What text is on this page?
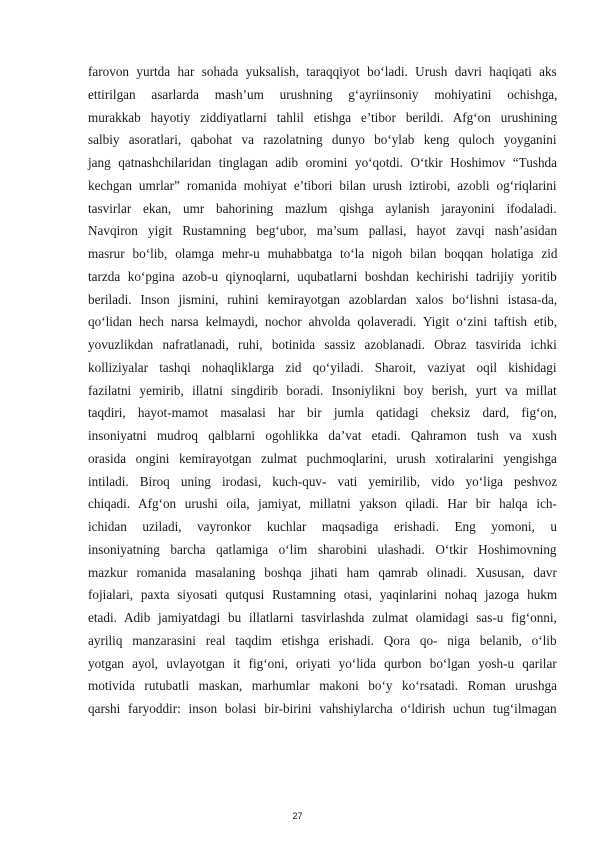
farovon yurtda har sohada yuksalish, taraqqiyot bo‘ladi. Urush davri haqiqati aks
ettirilgan asarlarda mash’um urushning g‘ayriinsoniy mohiyatini ochishga,
murakkab hayotiy ziddiyatlarni tahlil etishga e’tibor berildi. Afg‘on urushining
salbiy asoratlari, qabohat va razolatning dunyo bo‘ylab keng quloch yoyganini
jang qatnashchilaridan tinglagan adib oromini yo‘qotdi. O‘tkir Hoshimov “Tushda
kechgan umrlar” romanida mohiyat e’tibori bilan urush iztirobi, azobli og‘riqlarini
tasvirlar ekan, umr bahorining mazlum qishga aylanish jarayonini ifodaladi.
Navqiron yigit Rustamning beg‘ubor, ma’sum pallasi, hayot zavqi nash’asidan
masrur bo‘lib, olamga mehr-u muhabbatga to‘la nigoh bilan boqqan holatiga zid
tarzda ko‘pgina azob-u qiynoqlarni, uqubatlarni boshdan kechirishi tadrijiy yoritib
beriladi. Inson jismini, ruhini kemirayotgan azoblardan xalos bo‘lishni istasa-da,
qo‘lidan hech narsa kelmaydi, nochor ahvolda qolaveradi. Yigit o‘zini taftish etib,
yovuzlikdan nafratlanadi, ruhi, botinida sassiz azoblanadi. Obraz tasvirida ichki
kolliziyalar tashqi nohaqliklarga zid qo‘yiladi. Sharoit, vaziyat oqil kishidagi
fazilatni yemirib, illatni singdirib boradi. Insoniylikni boy berish, yurt va millat
taqdiri, hayot-mamot masalasi har bir jumla qatidagi cheksiz dard, fig‘on,
insoniyatni mudroq qalblarni ogohlikka da’vat etadi. Qahramon tush va xush
orasida ongini kemirayotgan zulmat puchmoqlarini, urush xotiralarini yengishga
intiladi. Biroq uning irodasi, kuch-quv- vati yemirilib, vido yo‘liga peshvoz
chiqadi. Afg‘on urushi oila, jamiyat, millatni yakson qiladi. Har bir halqa ich-
ichidan uziladi, vayronkor kuchlar maqsadiga erishadi. Eng yomoni, u
insoniyatning barcha qatlamiga o‘lim sharobini ulashadi. O‘tkir Hoshimovning
mazkur romanida masalaning boshqa jihati ham qamrab olinadi. Xususan, davr
fojialari, paxta siyosati qutqusi Rustamning otasi, yaqinlarini nohaq jazoga hukm
etadi. Adib jamiyatdagi bu illatlarni tasvirlashda zulmat olamidagi sas-u fig‘onni,
ayriliq manzarasini real taqdim etishga erishadi. Qora qo- niga belanib, o‘lib
yotgan ayol, uvlayotgan it fig‘oni, oriyati yo‘lida qurbon bo‘lgan yosh-u qarilar
motivida rutubatli maskan, marhumlar makoni bo‘y ko‘rsatadi. Roman urushga
qarshi faryoddir: inson bolasi bir-birini vahshiylarcha o‘ldirish uchun tug‘ilmagan
27
